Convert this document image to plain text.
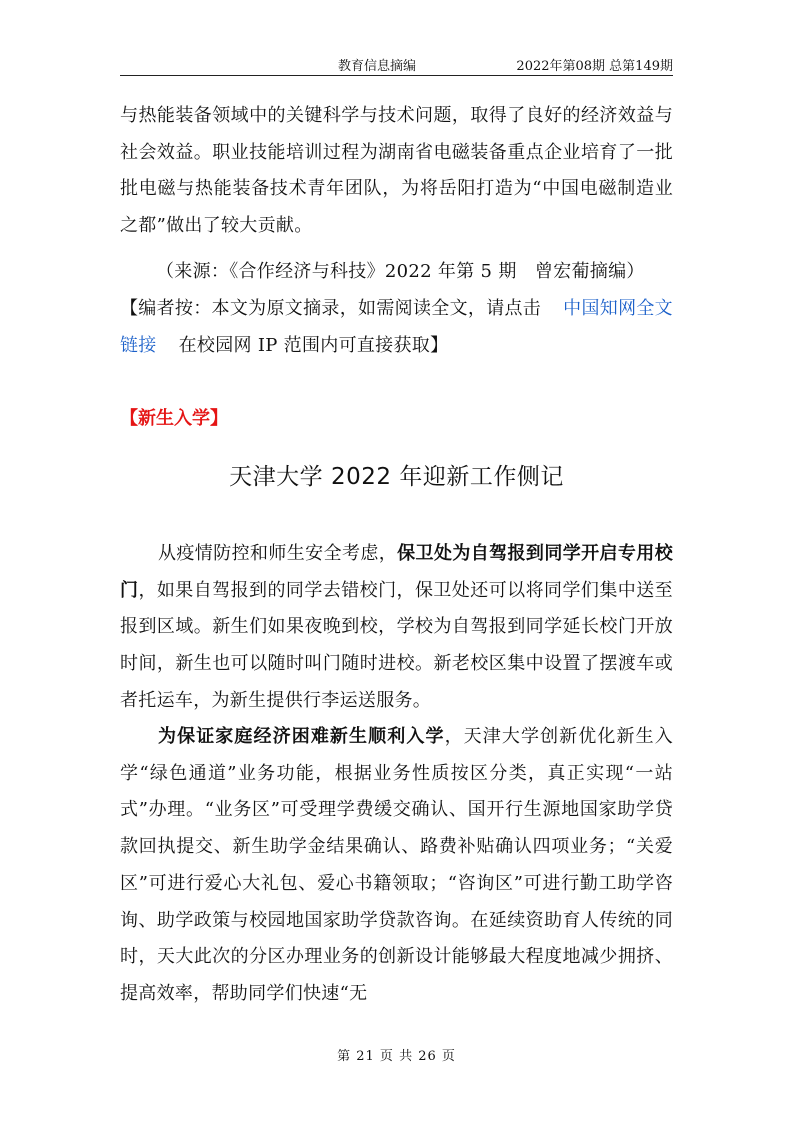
教育信息摘编	2022年第08期 总第149期

与热能装备领域中的关键科学与技术问题，取得了良好的经济效益与社会效益。职业技能培训过程为湖南省电磁装备重点企业培育了一批批电磁与热能装备技术青年团队，为将岳阳打造为“中国电磁制造业之都”做出了较大贡献。

（来源：《合作经济与科技》2022 年第 5 期　曾宏葡摘编）

【编者按：本文为原文摘录，如需阅读全文，请点击 中国知网全文链接 在校园网 IP 范围内可直接获取】

【新生入学】
天津大学 2022 年迎新工作侧记

从疫情防控和师生安全考虑，保卫处为自驾报到同学开启专用校门，如果自驾报到的同学去错校门，保卫处还可以将同学们集中送至报到区域。新生们如果夜晚到校，学校为自驾报到同学延长校门开放时间，新生也可以随时叫门随时进校。新老校区集中设置了摆渡车或者托运车，为新生提供行李运送服务。

为保证家庭经济困难新生顺利入学，天津大学创新优化新生入学“绿色通道”业务功能，根据业务性质按区分类，真正实现“一站式”办理。“业务区”可受理学费缓交确认、国开行生源地国家助学贷款回执提交、新生助学金结果确认、路费补贴确认四项业务；“关爱区”可进行爱心大礼包、爱心书籍领取；“咨询区”可进行勤工助学咨询、助学政策与校园地国家助学贷款咨询。在延续资助育人传统的同时，天大此次的分区办理业务的创新设计能够最大程度地减少拥挤、提高效率，帮助同学们快速“无

第 21 页 共 26 页
